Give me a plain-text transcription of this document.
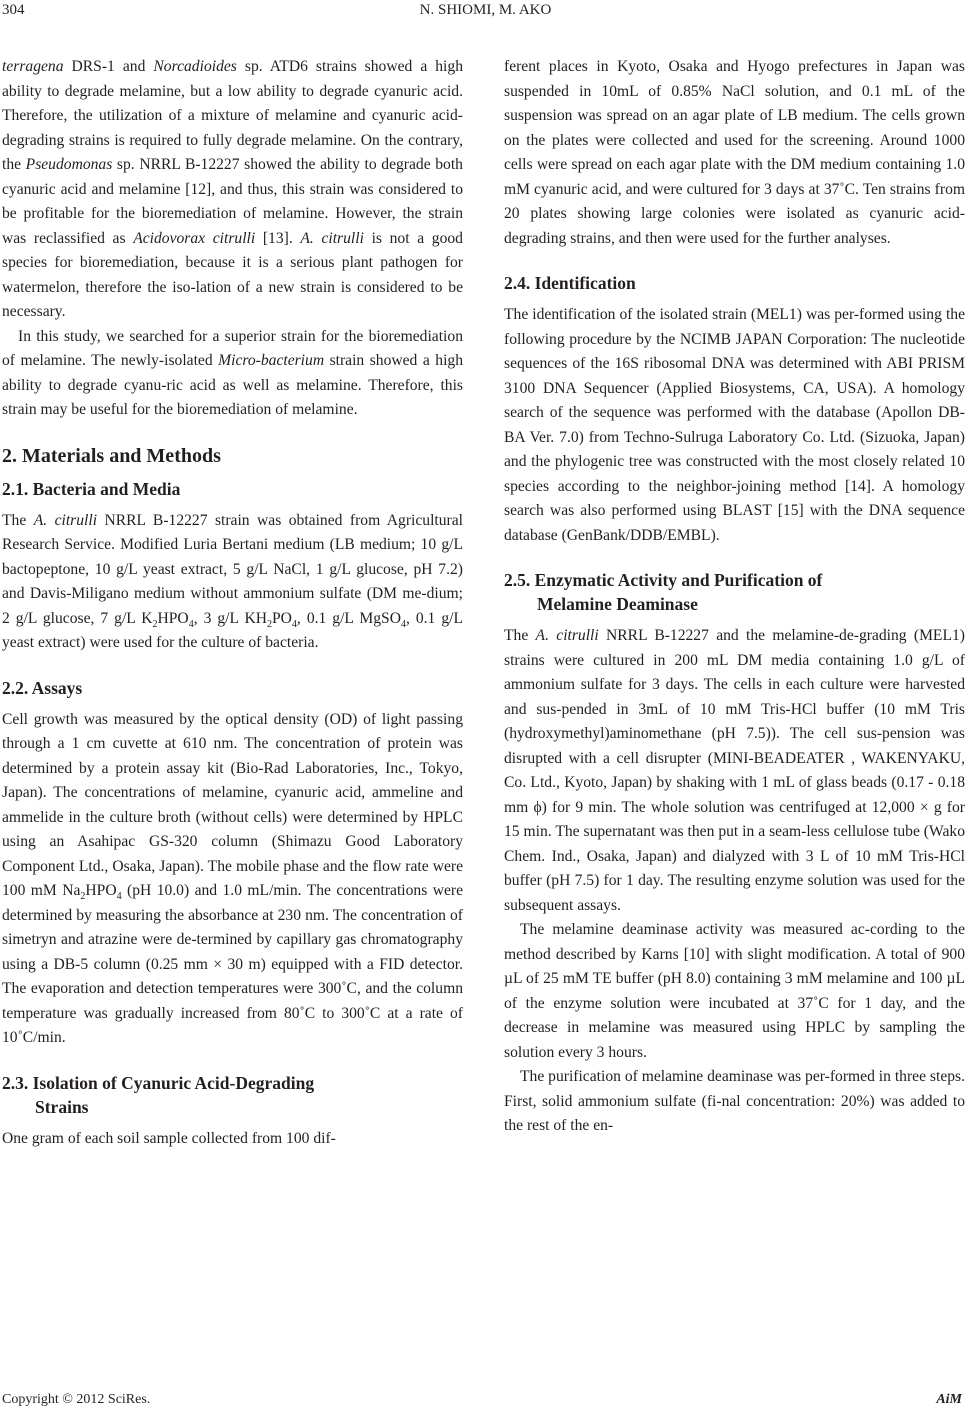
304	N. SHIOMI, M. AKO

terragena DRS-1 and Norcadioides sp. ATD6 strains showed a high ability to degrade melamine, but a low ability to degrade cyanuric acid. Therefore, the utilization of a mixture of melamine and cyanuric acid-degrading strains is required to fully degrade melamine. On the contrary, the Pseudomonas sp. NRRL B-12227 showed the ability to degrade both cyanuric acid and melamine [12], and thus, this strain was considered to be profitable for the bioremediation of melamine. However, the strain was reclassified as Acidovorax citrulli [13]. A. citrulli is not a good species for bioremediation, because it is a serious plant pathogen for watermelon, therefore the iso-lation of a new strain is considered to be necessary.

In this study, we searched for a superior strain for the bioremediation of melamine. The newly-isolated Micro-bacterium strain showed a high ability to degrade cyanu-ric acid as well as melamine. Therefore, this strain may be useful for the bioremediation of melamine.

2. Materials and Methods
2.1. Bacteria and Media

The A. citrulli NRRL B-12227 strain was obtained from Agricultural Research Service. Modified Luria Bertani medium (LB medium; 10 g/L bactopeptone, 10 g/L yeast extract, 5 g/L NaCl, 1 g/L glucose, pH 7.2) and Davis-Miligano medium without ammonium sulfate (DM me-dium; 2 g/L glucose, 7 g/L $K_2HPO_4$, 3 g/L $KH_2PO_4$, 0.1 g/L MgSO$_4$, 0.1 g/L yeast extract) were used for the culture of bacteria.

2.2. Assays

Cell growth was measured by the optical density (OD) of light passing through a 1 cm cuvette at 610 nm. The concentration of protein was determined by a protein assay kit (Bio-Rad Laboratories, Inc., Tokyo, Japan). The concentrations of melamine, cyanuric acid, ammeline and ammelide in the culture broth (without cells) were determined by HPLC using an Asahipac GS-320 column (Shimazu Good Laboratory Component Ltd., Osaka, Japan). The mobile phase and the flow rate were 100 mM $Na_2HPO_4$ (pH 10.0) and 1.0 mL/min. The concentrations were determined by measuring the absorbance at 230 nm. The concentration of simetryn and atrazine were de-termined by capillary gas chromatography using a DB-5 column (0.25 mm × 30 m) equipped with a FID detector. The evaporation and detection temperatures were 300˚C, and the column temperature was gradually increased from 80˚C to 300˚C at a rate of 10˚C/min.

2.3. Isolation of Cyanuric Acid-Degrading
Strains

One gram of each soil sample collected from 100 dif-

ferent places in Kyoto, Osaka and Hyogo prefectures in Japan was suspended in 10mL of 0.85% NaCl solution, and 0.1 mL of the suspension was spread on an agar plate of LB medium. The cells grown on the plates were collected and used for the screening. Around 1000 cells were spread on each agar plate with the DM medium containing 1.0 mM cyanuric acid, and were cultured for 3 days at 37˚C. Ten strains from 20 plates showing large colonies were isolated as cyanuric acid-degrading strains, and then were used for the further analyses.

2.4. Identification

The identification of the isolated strain (MEL1) was per-formed using the following procedure by the NCIMB JAPAN Corporation: The nucleotide sequences of the 16S ribosomal DNA was determined with ABI PRISM 3100 DNA Sequencer (Applied Biosystems, CA, USA). A homology search of the sequence was performed with the database (Apollon DB-BA Ver. 7.0) from Techno-Sulruga Laboratory Co. Ltd. (Sizuoka, Japan) and the phylogenic tree was constructed with the most closely related 10 species according to the neighbor-joining method [14]. A homology search was also performed using BLAST [15] with the DNA sequence database (GenBank/DDB/EMBL).

2.5. Enzymatic Activity and Purification of
Melamine Deaminase

The A. citrulli NRRL B-12227 and the melamine-de-grading (MEL1) strains were cultured in 200 mL DM media containing 1.0 g/L of ammonium sulfate for 3 days. The cells in each culture were harvested and sus-pended in 3mL of 10 mM Tris-HCl buffer (10 mM Tris (hydroxymethyl)aminomethane (pH 7.5)). The cell sus-pension was disrupted with a cell disrupter (MINI-BEADEATER , WAKENYAKU, Co. Ltd., Kyoto, Japan) by shaking with 1 mL of glass beads (0.17 - 0.18 mm ϕ) for 9 min. The whole solution was centrifuged at 12,000 × g for 15 min. The supernatant was then put in a seam-less cellulose tube (Wako Chem. Ind., Osaka, Japan) and dialyzed with 3 L of 10 mM Tris-HCl buffer (pH 7.5) for 1 day. The resulting enzyme solution was used for the subsequent assays.

The melamine deaminase activity was measured ac-cording to the method described by Karns [10] with slight modification. A total of 900 µL of 25 mM TE buffer (pH 8.0) containing 3 mM melamine and 100 µL of the enzyme solution were incubated at 37˚C for 1 day, and the decrease in melamine was measured using HPLC by sampling the solution every 3 hours.

The purification of melamine deaminase was per-formed in three steps. First, solid ammonium sulfate (fi-nal concentration: 20%) was added to the rest of the en-

Copyright © 2012 SciRes.	AiM
